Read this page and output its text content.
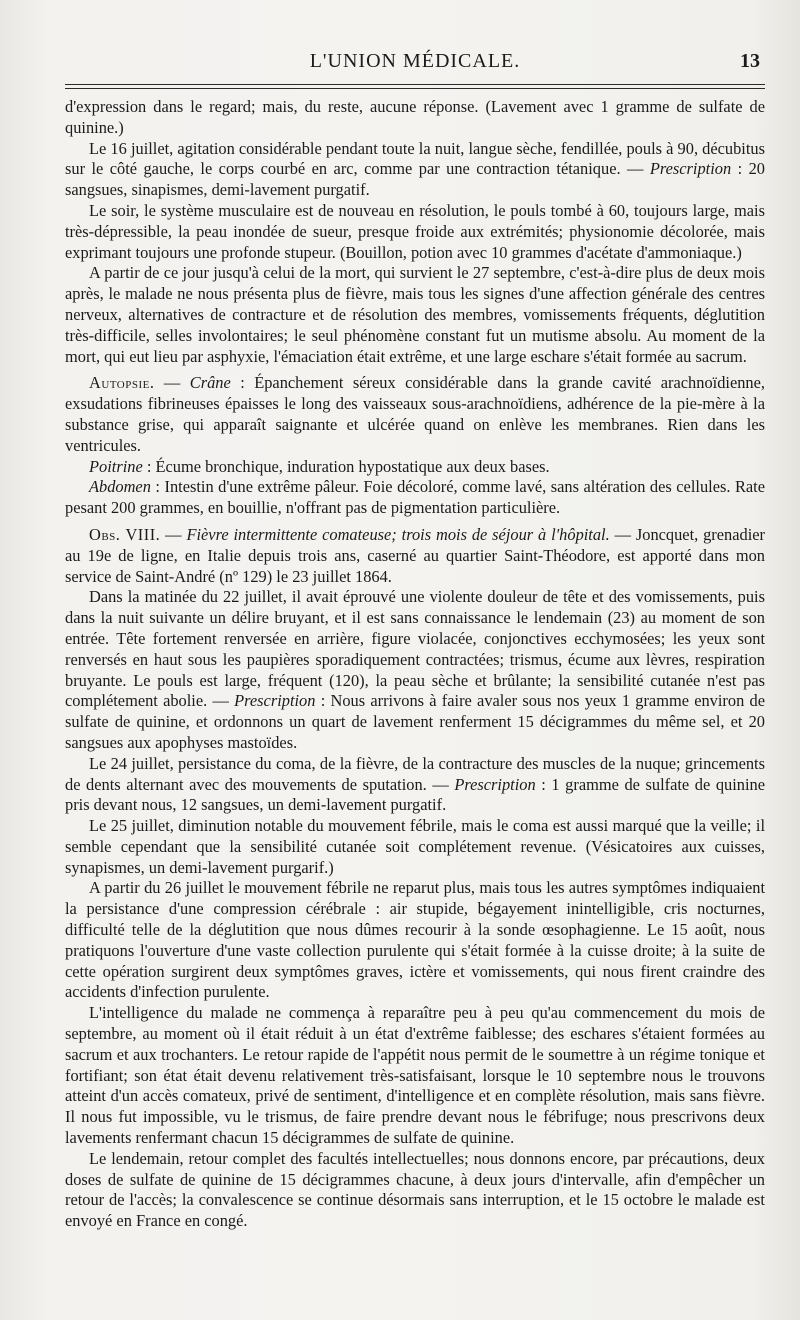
L'UNION MÉDICALE.	13

d'expression dans le regard; mais, du reste, aucune réponse. (Lavement avec 1 gramme de sulfate de quinine.)

Le 16 juillet, agitation considérable pendant toute la nuit, langue sèche, fendillée, pouls à 90, décubitus sur le côté gauche, le corps courbé en arc, comme par une contraction tétanique. — Prescription : 20 sangsues, sinapismes, demi-lavement purgatif.

Le soir, le système musculaire est de nouveau en résolution, le pouls tombé à 60, toujours large, mais très-dépressible, la peau inondée de sueur, presque froide aux extrémités; physionomie décolorée, mais exprimant toujours une profonde stupeur. (Bouillon, potion avec 10 grammes d'acétate d'ammoniaque.)

A partir de ce jour jusqu'à celui de la mort, qui survient le 27 septembre, c'est-à-dire plus de deux mois après, le malade ne nous présenta plus de fièvre, mais tous les signes d'une affection générale des centres nerveux, alternatives de contracture et de résolution des membres, vomissements fréquents, déglutition très-difficile, selles involontaires; le seul phénomène constant fut un mutisme absolu. Au moment de la mort, qui eut lieu par asphyxie, l'émaciation était extrême, et une large eschare s'était formée au sacrum.

Autopsie. — Crâne : Épanchement séreux considérable dans la grande cavité arachnoïdienne, exsudations fibrineuses épaisses le long des vaisseaux sous-arachnoïdiens, adhérence de la pie-mère à la substance grise, qui apparaît saignante et ulcérée quand on enlève les membranes. Rien dans les ventricules.

Poitrine : Écume bronchique, induration hypostatique aux deux bases.

Abdomen : Intestin d'une extrême pâleur. Foie décoloré, comme lavé, sans altération des cellules. Rate pesant 200 grammes, en bouillie, n'offrant pas de pigmentation particulière.

Obs. VIII. — Fièvre intermittente comateuse; trois mois de séjour à l'hôpital. — Joncquet, grenadier au 19e de ligne, en Italie depuis trois ans, caserné au quartier Saint-Théodore, est apporté dans mon service de Saint-André (nº 129) le 23 juillet 1864.

Dans la matinée du 22 juillet, il avait éprouvé une violente douleur de tête et des vomissements, puis dans la nuit suivante un délire bruyant, et il est sans connaissance le lendemain (23) au moment de son entrée. Tête fortement renversée en arrière, figure violacée, conjonctives ecchymosées; les yeux sont renversés en haut sous les paupières sporadiquement contractées; trismus, écume aux lèvres, respiration bruyante. Le pouls est large, fréquent (120), la peau sèche et brûlante; la sensibilité cutanée n'est pas complétement abolie. — Prescription : Nous arrivons à faire avaler sous nos yeux 1 gramme environ de sulfate de quinine, et ordonnons un quart de lavement renferment 15 décigrammes du même sel, et 20 sangsues aux apophyses mastoïdes.

Le 24 juillet, persistance du coma, de la fièvre, de la contracture des muscles de la nuque; grincements de dents alternant avec des mouvements de sputation. — Prescription : 1 gramme de sulfate de quinine pris devant nous, 12 sangsues, un demi-lavement purgatif.

Le 25 juillet, diminution notable du mouvement fébrile, mais le coma est aussi marqué que la veille; il semble cependant que la sensibilité cutanée soit complétement revenue. (Vésicatoires aux cuisses, synapismes, un demi-lavement purgarif.)

A partir du 26 juillet le mouvement fébrile ne reparut plus, mais tous les autres symptômes indiquaient la persistance d'une compression cérébrale : air stupide, bégayement inintelligible, cris nocturnes, difficulté telle de la déglutition que nous dûmes recourir à la sonde œsophagienne. Le 15 août, nous pratiquons l'ouverture d'une vaste collection purulente qui s'était formée à la cuisse droite; à la suite de cette opération surgirent deux symptômes graves, ictère et vomissements, qui nous firent craindre des accidents d'infection purulente.

L'intelligence du malade ne commença à reparaître peu à peu qu'au commencement du mois de septembre, au moment où il était réduit à un état d'extrême faiblesse; des eschares s'étaient formées au sacrum et aux trochanters. Le retour rapide de l'appétit nous permit de le soumettre à un régime tonique et fortifiant; son état était devenu relativement très-satisfaisant, lorsque le 10 septembre nous le trouvons atteint d'un accès comateux, privé de sentiment, d'intelligence et en complète résolution, mais sans fièvre. Il nous fut impossible, vu le trismus, de faire prendre devant nous le fébrifuge; nous prescrivons deux lavements renfermant chacun 15 décigrammes de sulfate de quinine.

Le lendemain, retour complet des facultés intellectuelles; nous donnons encore, par précautions, deux doses de sulfate de quinine de 15 décigrammes chacune, à deux jours d'intervalle, afin d'empêcher un retour de l'accès; la convalescence se continue désormais sans interruption, et le 15 octobre le malade est envoyé en France en congé.
